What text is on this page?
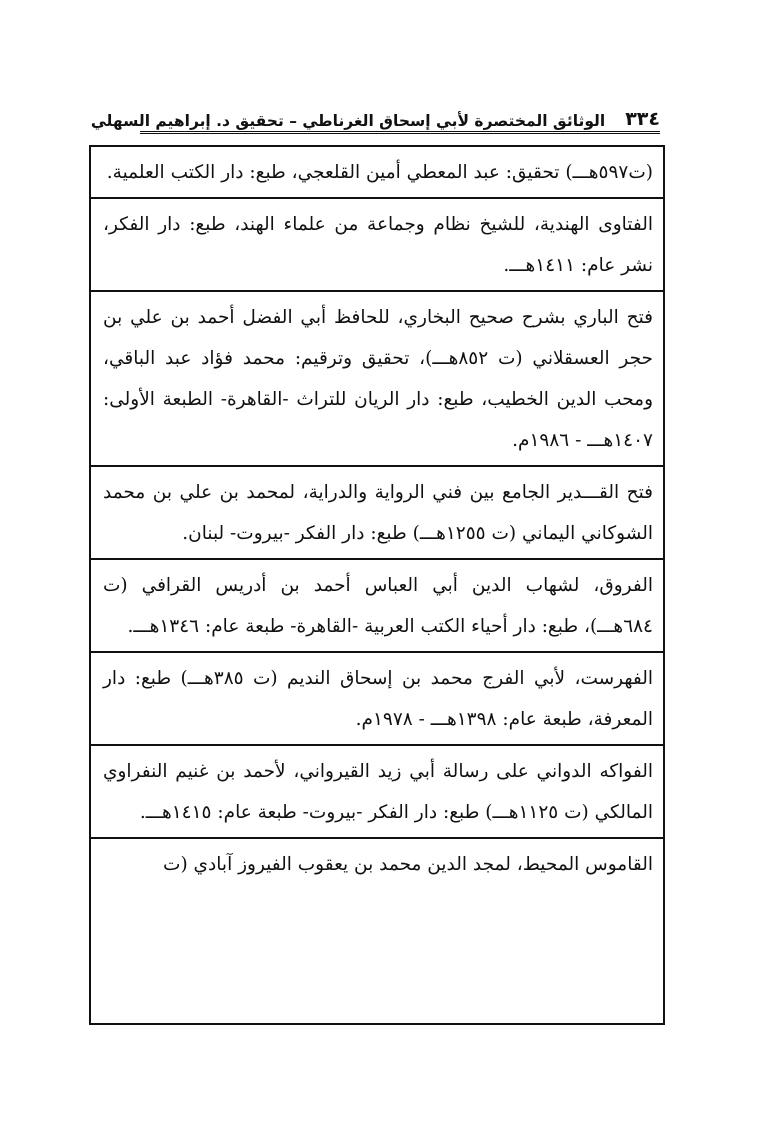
٣٣٤
الوثائق المختصرة لأبي إسحاق الغرناطي – تحقيق د. إبراهيم السهلي
(ت٥٩٧هـــ) تحقيق: عبد المعطي أمين القلعجي، طبع: دار الكتب العلمية.
الفتاوى الهندية، للشيخ نظام وجماعة من علماء الهند، طبع: دار الفكر، نشر عام: ١٤١١هـــ.
فتح الباري بشرح صحيح البخاري، للحافظ أبي الفضل أحمد بن علي بن حجر العسقلاني (ت ٨٥٢هـــ)، تحقيق وترقيم: محمد فؤاد عبد الباقي، ومحب الدين الخطيب، طبع: دار الريان للتراث -القاهرة- الطبعة الأولى: ١٤٠٧هـــ - ١٩٨٦م.
فتح القـــدير الجامع بين فني الرواية والدراية، لمحمد بن علي بن محمد الشوكاني اليماني (ت ١٢٥٥هـــ) طبع: دار الفكر -بيروت- لبنان.
الفروق، لشهاب الدين أبي العباس أحمد بن أدريس القرافي (ت ٦٨٤هـــ)، طبع: دار أحياء الكتب العربية -القاهرة- طبعة عام: ١٣٤٦هـــ.
الفهرست، لأبي الفرج محمد بن إسحاق النديم (ت ٣٨٥هـــ) طبع: دار المعرفة، طبعة عام: ١٣٩٨هـــ - ١٩٧٨م.
الفواكه الدواني على رسالة أبي زيد القيرواني، لأحمد بن غنيم النفراوي المالكي (ت ١١٢٥هـــ) طبع: دار الفكر -بيروت- طبعة عام: ١٤١٥هـــ.
القاموس المحيط، لمجد الدين محمد بن يعقوب الفيروز آبادي (ت
